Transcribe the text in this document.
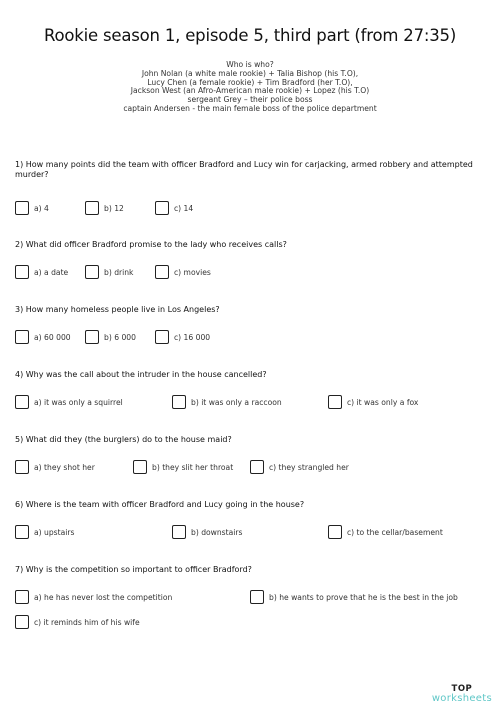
Rookie season 1, episode 5, third part (from 27:35)
Who is who?
John Nolan (a white male rookie) + Talia Bishop (his T.O),
Lucy Chen (a female rookie) + Tim Bradford (her T.O),
Jackson West (an Afro-American male rookie) + Lopez (his T.O)
sergeant Grey – their police boss
captain Andersen - the main female boss of the police department
1) How many points did the team with officer Bradford and Lucy win for carjacking, armed robbery and attempted murder?
a) 4	b) 12	c) 14
2) What did officer Bradford promise to the lady who receives calls?
a) a date	b) drink	c) movies
3) How many homeless people live in Los Angeles?
a) 60 000	b) 6 000	c) 16 000
4) Why was the call about the intruder in the house cancelled?
a) it was only a squirrel	b) it was only a raccoon	c) it was only a fox
5) What did they (the burglers) do to the house maid?
a) they shot her	b) they slit her throat	c) they strangled her
6) Where is the team with officer Bradford and Lucy going in the house?
a) upstairs	b) downstairs	c) to the cellar/basement
7) Why is the competition so important to officer Bradford?
a) he has never lost the competition	b) he wants to prove that he is the best in the job
c) it reminds him of his wife
TOP
worksheets
